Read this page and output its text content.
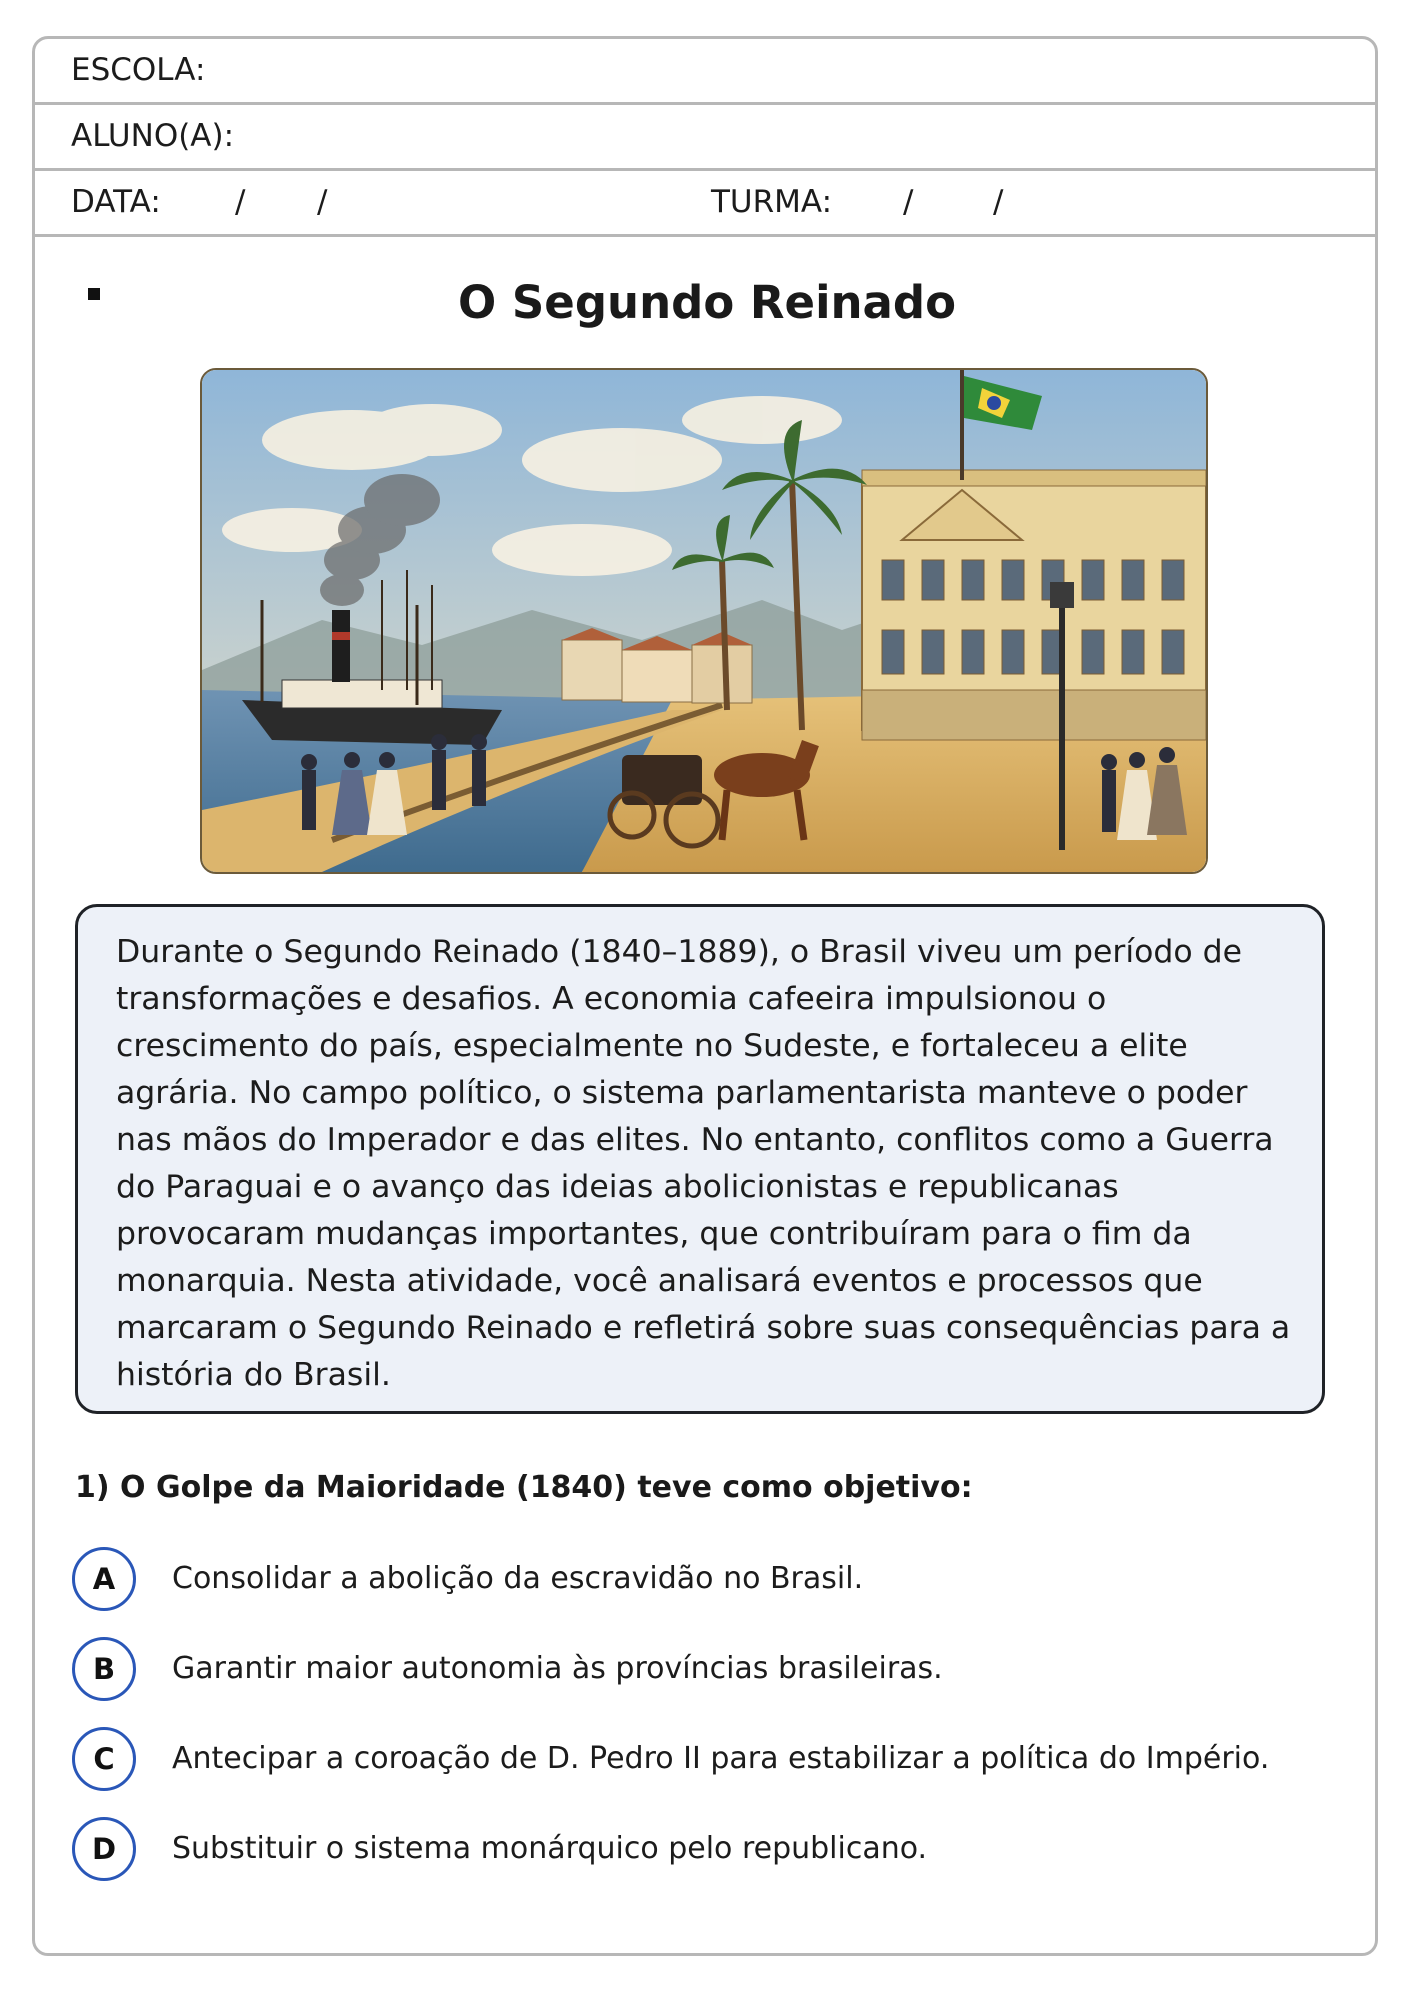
ESCOLA:
ALUNO(A):
DATA: / /	TURMA: /	/
O Segundo Reinado

Durante o Segundo Reinado (1840–1889), o Brasil viveu um período de transformações e desafios. A economia cafeeira impulsionou o crescimento do país, especialmente no Sudeste, e fortaleceu a elite agrária. No campo político, o sistema parlamentarista manteve o poder nas mãos do Imperador e das elites. No entanto, conflitos como a Guerra do Paraguai e o avanço das ideias abolicionistas e republicanas provocaram mudanças importantes, que contribuíram para o fim da monarquia. Nesta atividade, você analisará eventos e processos que marcaram o Segundo Reinado e refletirá sobre suas consequências para a história do Brasil.

1) O Golpe da Maioridade (1840) teve como objetivo:

A	Consolidar a abolição da escravidão no Brasil.
B	Garantir maior autonomia às províncias brasileiras.
C	Antecipar a coroação de D. Pedro II para estabilizar a política do Império.
D	Substituir o sistema monárquico pelo republicano.
